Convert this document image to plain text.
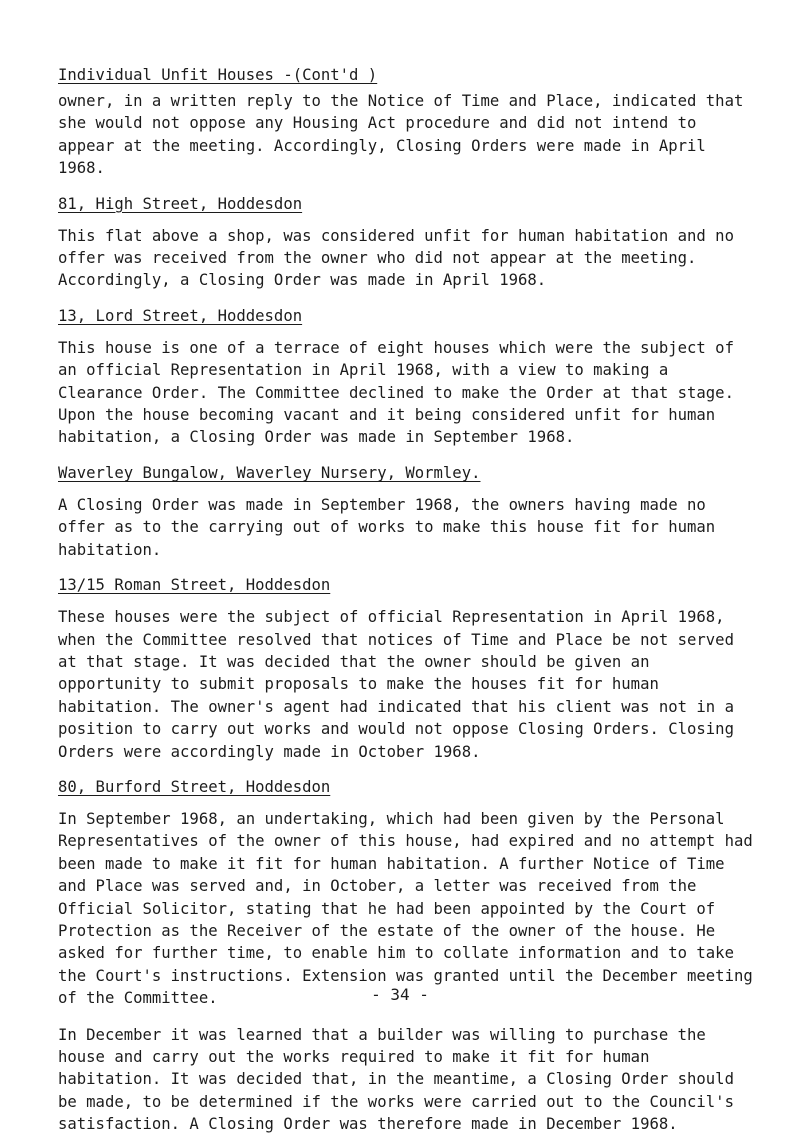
Individual Unfit Houses -(Cont'd )

owner, in a written reply to the Notice of Time and Place, indicated that she would not oppose any Housing Act procedure and did not intend to appear at the meeting. Accordingly, Closing Orders were made in April 1968.

81, High Street, Hoddesdon

This flat above a shop, was considered unfit for human habitation and no offer was received from the owner who did not appear at the meeting. Accordingly, a Closing Order was made in April 1968.

13, Lord Street, Hoddesdon

This house is one of a terrace of eight houses which were the subject of an official Representation in April 1968, with a view to making a Clearance Order. The Committee declined to make the Order at that stage. Upon the house becoming vacant and it being considered unfit for human habitation, a Closing Order was made in September 1968.

Waverley Bungalow, Waverley Nursery, Wormley.

A Closing Order was made in September 1968, the owners having made no offer as to the carrying out of works to make this house fit for human habitation.

13/15 Roman Street, Hoddesdon

These houses were the subject of official Representation in April 1968, when the Committee resolved that notices of Time and Place be not served at that stage. It was decided that the owner should be given an opportunity to submit proposals to make the houses fit for human habitation. The owner's agent had indicated that his client was not in a position to carry out works and would not oppose Closing Orders. Closing Orders were accordingly made in October 1968.

80, Burford Street, Hoddesdon

In September 1968, an undertaking, which had been given by the Personal Representatives of the owner of this house, had expired and no attempt had been made to make it fit for human habitation. A further Notice of Time and Place was served and, in October, a letter was received from the Official Solicitor, stating that he had been appointed by the Court of Protection as the Receiver of the estate of the owner of the house. He asked for further time, to enable him to collate information and to take the Court's instructions. Extension was granted until the December meeting of the Committee.

In December it was learned that a builder was willing to purchase the house and carry out the works required to make it fit for human habitation. It was decided that, in the meantime, a Closing Order should be made, to be determined if the works were carried out to the Council's satisfaction. A Closing Order was therefore made in December 1968.

- 34 -
